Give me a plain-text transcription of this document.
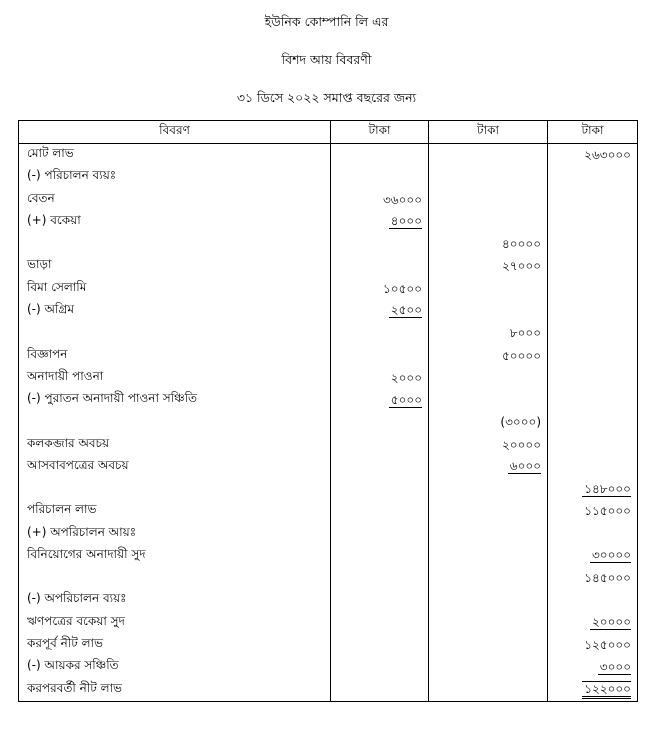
ইউনিক কোম্পানি লি এর
বিশদ আয় বিবরণী
৩১ ডিসে ২০২২ সমাপ্ত বছরের জন্য
বিবরণ	টাকা	টাকা	টাকা
মোট লাভ			২৬৩০০০
(-) পরিচালন ব্যয়ঃ			
বেতন	৩৬০০০		
(+) বকেয়া	৪০০০		
		৪০০০০	
ভাড়া		২৭০০০	
বিমা সেলামি	১০৫০০		
(-) অগ্রিম	২৫০০		
		৮০০০	
বিজ্ঞাপন		৫০০০০	
অনাদায়ী পাওনা	২০০০		
(-) পুরাতন অনাদায়ী পাওনা সঞ্চিতি	৫০০০		
		(৩০০০)	
কলকব্জার অবচয়		২০০০০	
আসবাবপত্রের অবচয়		৬০০০	
			১৪৮০০০
পরিচালন লাভ			১১৫০০০
(+) অপরিচালন আয়ঃ			
বিনিয়োগের অনাদায়ী সুদ			৩০০০০
			১৪৫০০০
(-) অপরিচালন ব্যয়ঃ			
ঋণপত্রের বকেয়া সুদ			২০০০০
করপূর্ব নীট লাভ			১২৫০০০
(-) আয়কর সঞ্চিতি			৩০০০
করপরবর্তী নীট লাভ			১২২০০০
